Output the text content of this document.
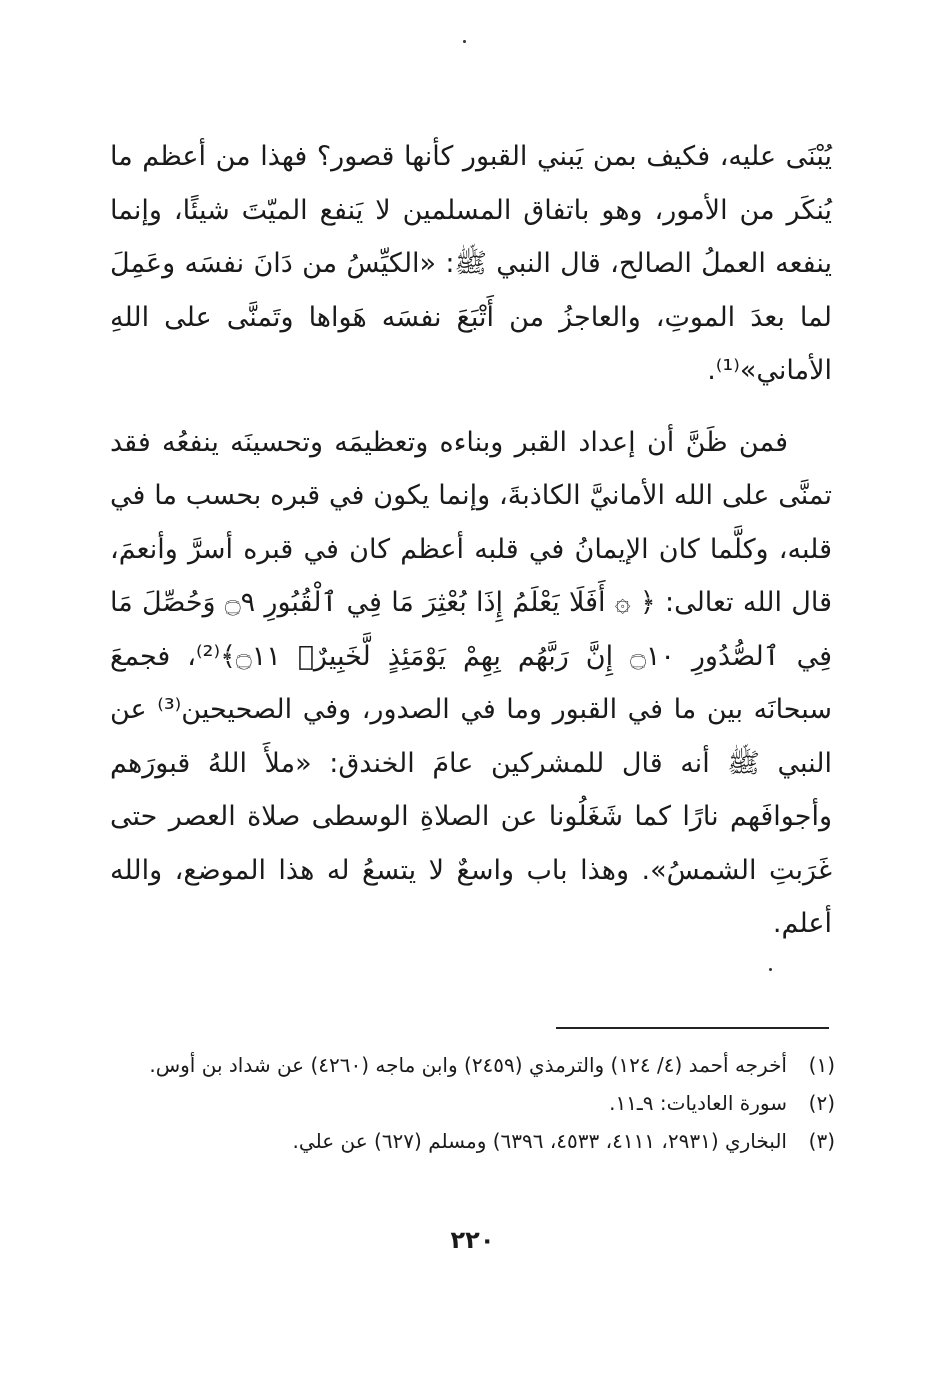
يُبْنَى عليه، فكيف بمن يَبني القبور كأنها قصور؟ فهذا من أعظم ما يُنكَر من الأمور، وهو باتفاق المسلمين لا يَنفع الميّتَ شيئًا، وإنما ينفعه العملُ الصالح، قال النبي ﷺ: «الكيِّسُ من دَانَ نفسَه وعَمِلَ لما بعدَ الموتِ، والعاجزُ من أَتْبَعَ نفسَه هَواها وتَمنَّى على اللهِ الأماني»⁽¹⁾.

فمن ظَنَّ أن إعداد القبر وبناءه وتعظيمَه وتحسينَه ينفعُه فقد تمنَّى على الله الأمانيَّ الكاذبةَ، وإنما يكون في قبره بحسب ما في قلبه، وكلَّما كان الإيمانُ في قلبه أعظم كان في قبره أسرَّ وأنعمَ، قال الله تعالى: ﴿ ۞ أَفَلَا يَعْلَمُ إِذَا بُعْثِرَ مَا فِي ٱلْقُبُورِ ۝٩ وَحُصِّلَ مَا فِي ٱلصُّدُورِ ۝١٠ إِنَّ رَبَّهُم بِهِمْ يَوْمَئِذٍ لَّخَبِيرٌۢ ۝١١﴾⁽²⁾، فجمعَ سبحانَه بين ما في القبور وما في الصدور، وفي الصحيحين⁽³⁾ عن النبي ﷺ أنه قال للمشركين عامَ الخندق: «ملأَ اللهُ قبورَهم وأجوافَهم نارًا كما شَغَلُونا عن الصلاةِ الوسطى صلاة العصر حتى غَرَبتِ الشمسُ». وهذا باب واسعٌ لا يتسعُ له هذا الموضع، والله أعلم.

(١)
أخرجه أحمد (٤/ ١٢٤) والترمذي (٢٤٥٩) وابن ماجه (٤٢٦٠) عن شداد بن أوس.
(٢)
سورة العاديات: ٩ـ١١.
(٣)
البخاري (٢٩٣١، ٤١١١، ٤٥٣٣، ٦٣٩٦) ومسلم (٦٢٧) عن علي.
٢٢٠
